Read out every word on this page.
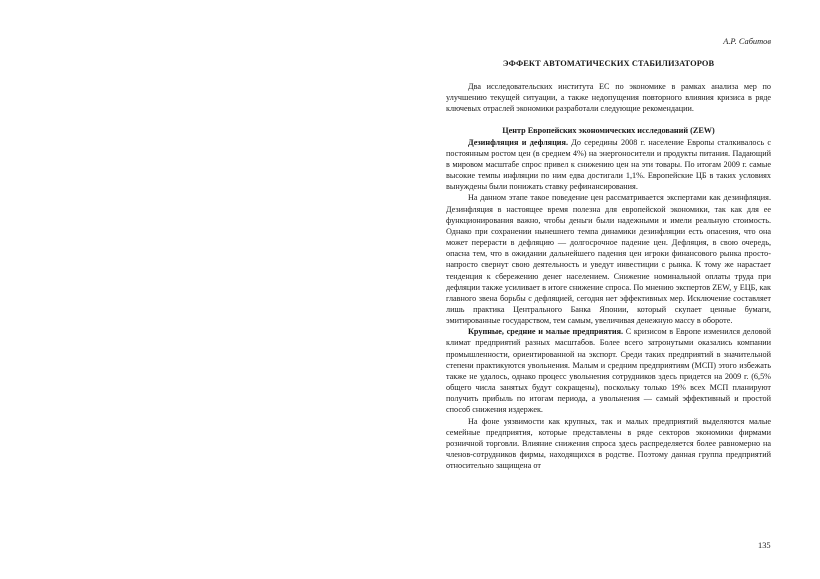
А.Р. Сабитов
ЭФФЕКТ АВТОМАТИЧЕСКИХ СТАБИЛИЗАТОРОВ

Два исследовательских института ЕС по экономике в рамках анализа мер по улучшению текущей ситуации, а также недопущения повторного влияния кризиса в ряде ключевых отраслей экономики разработали следующие рекомендации.

Центр Европейских экономических исследований (ZEW)

Дезинфляция и дефляция. До середины 2008 г. население Европы сталкивалось с постоянным ростом цен (в среднем 4%) на энергоносители и продукты питания. Падающий в мировом масштабе спрос привел к снижению цен на эти товары. По итогам 2009 г. самые высокие темпы инфляции по ним едва достигали 1,1%. Европейские ЦБ в таких условиях вынуждены были понижать ставку рефинансирования.

На данном этапе такое поведение цен рассматривается экспертами как дезинфляция. Дезинфляция в настоящее время полезна для европейской экономики, так как для ее функционирования важно, чтобы деньги были надежными и имели реальную стоимость. Однако при сохранении нынешнего темпа динамики дезинфляции есть опасения, что она может перерасти в дефляцию — долгосрочное падение цен. Дефляция, в свою очередь, опасна тем, что в ожидании дальнейшего падения цен игроки финансового рынка просто-напросто свернут свою деятельность и уведут инвестиции с рынка. К тому же нарастает тенденция к сбережению денег населением. Снижение номинальной оплаты труда при дефляции также усиливает в итоге снижение спроса. По мнению экспертов ZEW, у ЕЦБ, как главного звена борьбы с дефляцией, сегодня нет эффективных мер. Исключение составляет лишь практика Центрального Банка Японии, который скупает ценные бумаги, эмитированные государством, тем самым, увеличивая денежную массу в обороте.

Крупные, средние и малые предприятия. С кризисом в Европе изменился деловой климат предприятий разных масштабов. Более всего затронутыми оказались компании промышленности, ориентированной на экспорт. Среди таких предприятий в значительной степени практикуются увольнения. Малым и средним предприятиям (МСП) этого избежать также не удалось, однако процесс увольнения сотрудников здесь придется на 2009 г. (6,5% общего числа занятых будут сокращены), поскольку только 19% всех МСП планируют получить прибыль по итогам периода, а увольнения — самый эффективный и простой способ снижения издержек.

На фоне уязвимости как крупных, так и малых предприятий выделяются малые семейные предприятия, которые представлены в ряде секторов экономики фирмами розничной торговли. Влияние снижения спроса здесь распределяется более равномерно на членов-сотрудников фирмы, находящихся в родстве. Поэтому данная группа предприятий относительно защищена от

135
